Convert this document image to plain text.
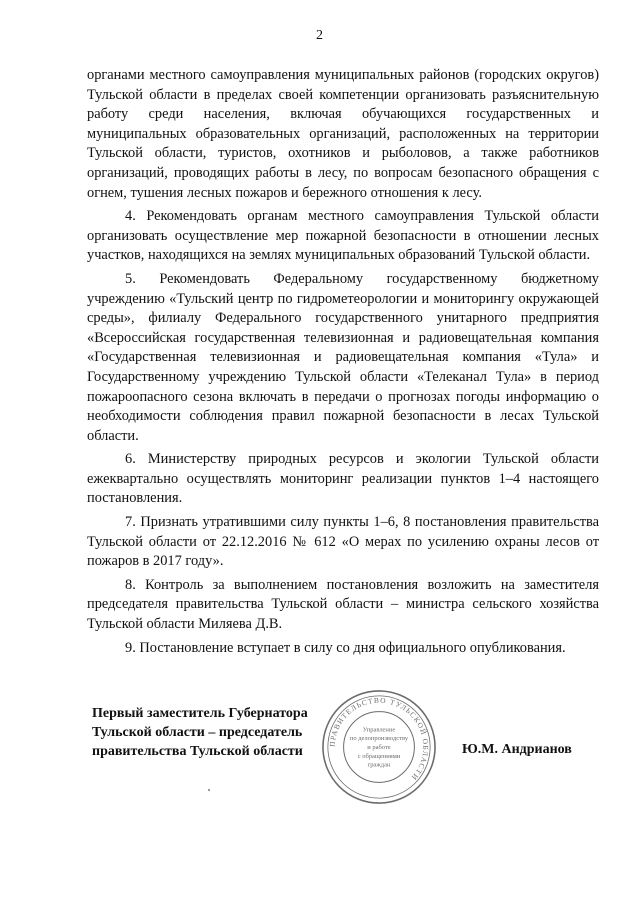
2

органами местного самоуправления муниципальных районов (городских округов) Тульской области в пределах своей компетенции организовать разъяснительную работу среди населения, включая обучающихся государственных и муниципальных образовательных организаций, расположенных на территории Тульской области, туристов, охотников и рыболовов, а также работников организаций, проводящих работы в лесу, по вопросам безопасного обращения с огнем, тушения лесных пожаров и бережного отношения к лесу.

4. Рекомендовать органам местного самоуправления Тульской области организовать осуществление мер пожарной безопасности в отношении лесных участков, находящихся на землях муниципальных образований Тульской области.

5. Рекомендовать Федеральному государственному бюджетному учреждению «Тульский центр по гидрометеорологии и мониторингу окружающей среды», филиалу Федерального государственного унитарного предприятия «Всероссийская государственная телевизионная и радиовещательная компания «Государственная телевизионная и радиовещательная компания «Тула» и Государственному учреждению Тульской области «Телеканал Тула» в период пожароопасного сезона включать в передачи о прогнозах погоды информацию о необходимости соблюдения правил пожарной безопасности в лесах Тульской области.

6. Министерству природных ресурсов и экологии Тульской области ежеквартально осуществлять мониторинг реализации пунктов 1–4 настоящего постановления.

7. Признать утратившими силу пункты 1–6, 8 постановления правительства Тульской области от 22.12.2016 № 612 «О мерах по усилению охраны лесов от пожаров в 2017 году».

8. Контроль за выполнением постановления возложить на заместителя председателя правительства Тульской области – министра сельского хозяйства Тульской области Миляева Д.В.

9. Постановление вступает в силу со дня официального опубликования.

Первый заместитель Губернатора
Тульской области – председатель
правительства Тульской области	Ю.М. Андрианов
ПРАВИТЕЛЬСТВО ТУЛЬСКОЙ ОБЛАСТИ
Управление
по делопроизводству
и работе
с обращениями
граждан
